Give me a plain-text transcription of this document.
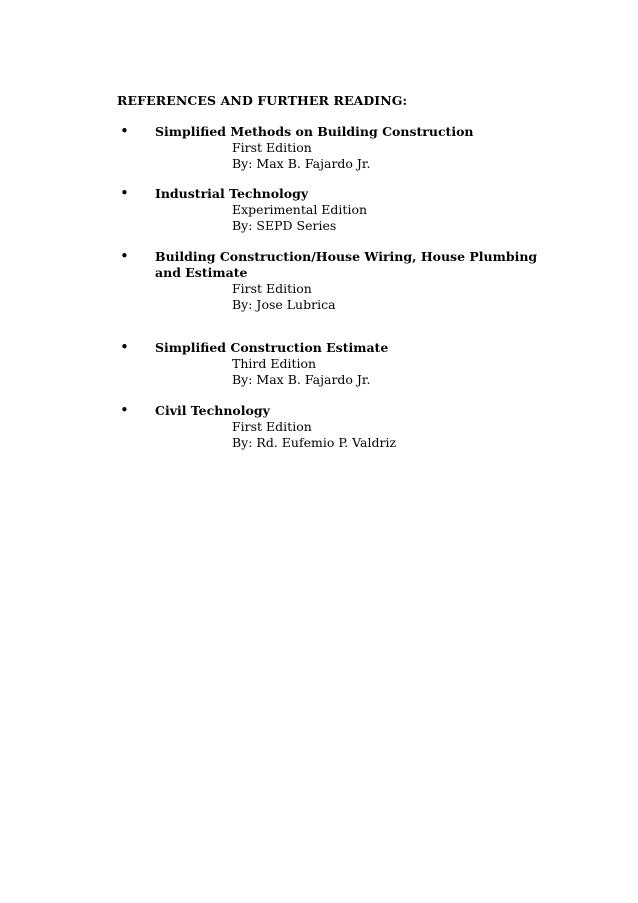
REFERENCES AND FURTHER READING:
•	Simplified Methods on Building Construction
First Edition
By: Max B. Fajardo Jr.
•	Industrial Technology
Experimental Edition
By: SEPD Series
•	Building Construction/House Wiring, House Plumbing and Estimate
First Edition
By: Jose Lubrica
•	Simplified Construction Estimate
Third Edition
By: Max B. Fajardo Jr.
•	Civil Technology
First Edition
By: Rd. Eufemio P. Valdriz
